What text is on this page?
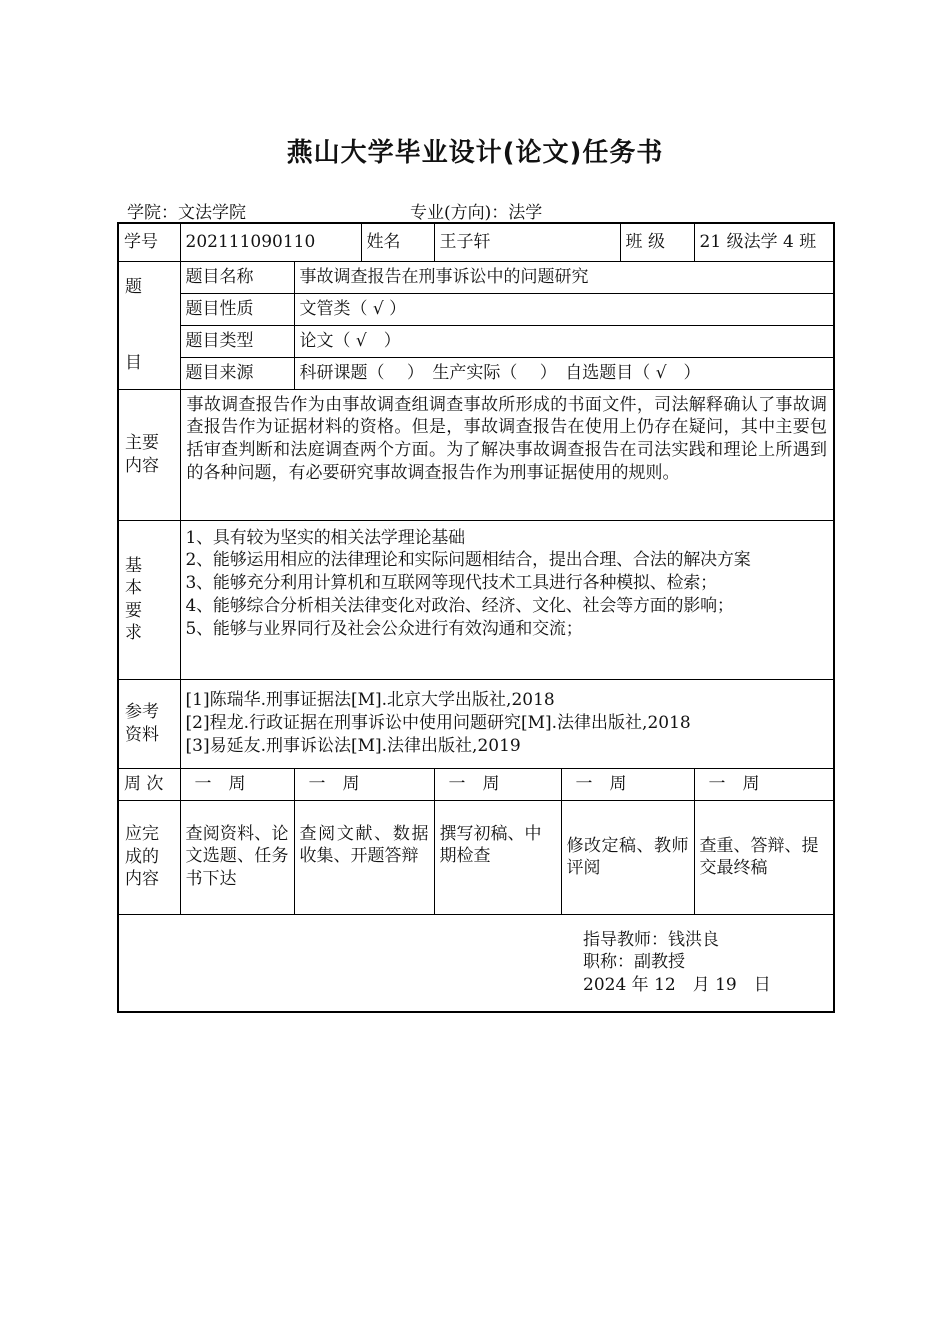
燕山大学毕业设计(论文)任务书
学院：文法学院	专业(方向)：法学
学号	202111090110		姓名	王子轩		班 级	21 级法学 4 班

题
目	题目名称	事故调查报告在刑事诉讼中的问题研究					
	题目性质	文管类（ √ ）					
	题目类型	论文（ √　）					
	题目来源	科研课题（　 ）　生产实际（　 ）　自选题目（ √　）					
主要
内容	事故调查报告作为由事故调查组调查事故所形成的书面文件，司法解释确认了事故调查报告作为证据材料的资格。但是，事故调查报告在使用上仍存在疑问，其中主要包括审查判断和法庭调查两个方面。为了解决事故调查报告在司法实践和理论上所遇到的各种问题，有必要研究事故调查报告作为刑事证据使用的规则。						
基
本
要
求	1、具有较为坚实的相关法学理论基础
2、能够运用相应的法律理论和实际问题相结合，提出合理、合法的解决方案
3、能够充分利用计算机和互联网等现代技术工具进行各种模拟、检索；
4、能够综合分析相关法律变化对政治、经济、文化、社会等方面的影响；
5、能够与业界同行及社会公众进行有效沟通和交流；						

参考
资料	[1]陈瑞华.刑事证据法[M].北京大学出版社,2018
[2]程龙.行政证据在刑事诉讼中使用问题研究[M].法律出版社,2018
[3]易延友.刑事诉讼法[M].法律出版社,2019						

周 次	一　周	一　周		一　周	一　周		一　周
应完
成的
内容	查阅资料、论文选题、任务书下达	查阅文献、数据收集、开题答辩		撰写初稿、中期检查	修改定稿、教师评阅		查重、答辩、提交最终稿

指导教师：钱洪良
职称：副教授
2024 年 12　月 19　日							
